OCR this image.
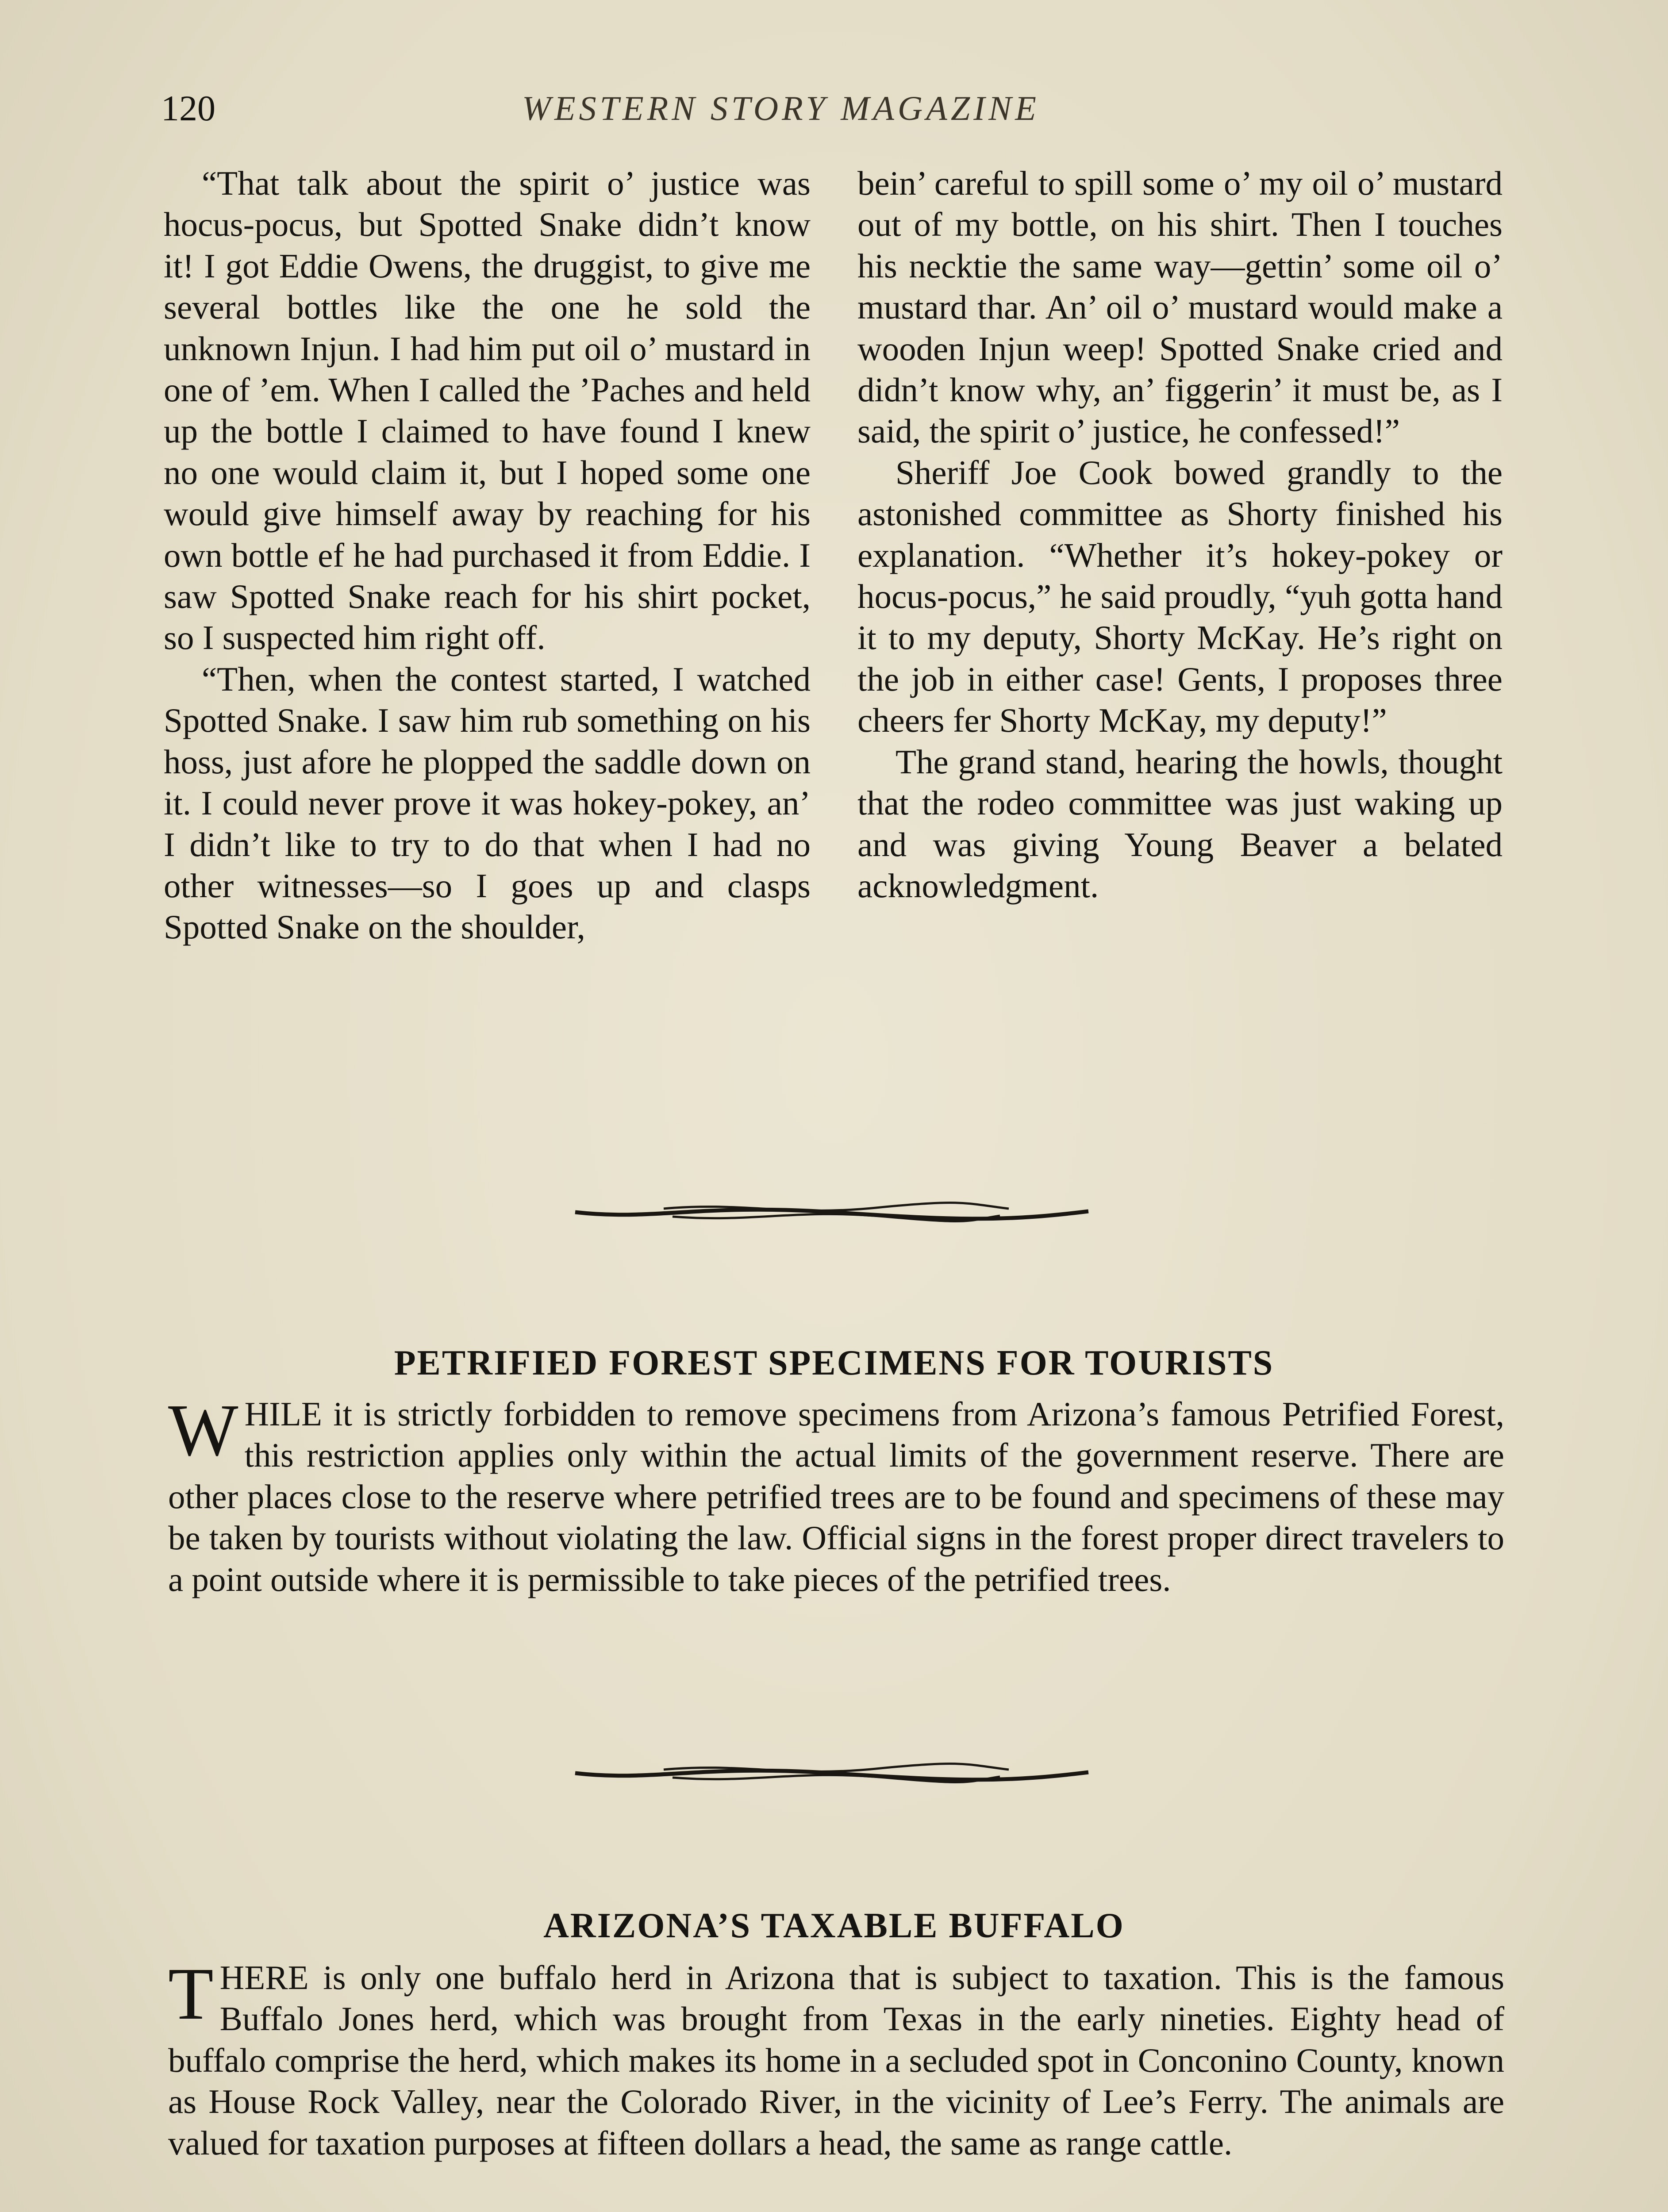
120	WESTERN STORY MAGAZINE

“That talk about the spirit o’ justice was hocus-pocus, but Spotted Snake didn’t know it! I got Eddie Owens, the druggist, to give me several bottles like the one he sold the unknown Injun. I had him put oil o’ mustard in one of ’em. When I called the ’Paches and held up the bottle I claimed to have found I knew no one would claim it, but I hoped some one would give himself away by reaching for his own bottle ef he had purchased it from Eddie. I saw Spotted Snake reach for his shirt pocket, so I suspected him right off.

“Then, when the contest started, I watched Spotted Snake. I saw him rub something on his hoss, just afore he plopped the saddle down on it. I could never prove it was hokey-pokey, an’ I didn’t like to try to do that when I had no other witnesses—so I goes up and clasps Spotted Snake on the shoulder,

bein’ careful to spill some o’ my oil o’ mustard out of my bottle, on his shirt. Then I touches his necktie the same way—gettin’ some oil o’ mustard thar. An’ oil o’ mustard would make a wooden Injun weep! Spotted Snake cried and didn’t know why, an’ figgerin’ it must be, as I said, the spirit o’ justice, he confessed!”

Sheriff Joe Cook bowed grandly to the astonished committee as Shorty finished his explanation. “Whether it’s hokey-pokey or hocus-pocus,” he said proudly, “yuh gotta hand it to my deputy, Shorty McKay. He’s right on the job in either case! Gents, I proposes three cheers fer Shorty McKay, my deputy!”

The grand stand, hearing the howls, thought that the rodeo committee was just waking up and was giving Young Beaver a belated acknowledgment.

PETRIFIED FOREST SPECIMENS FOR TOURISTS

WHILE it is strictly forbidden to remove specimens from Arizona’s famous Petrified Forest, this restriction applies only within the actual limits of the government reserve. There are other places close to the reserve where petrified trees are to be found and specimens of these may be taken by tourists without violating the law. Official signs in the forest proper direct travelers to a point outside where it is permissible to take pieces of the petrified trees.

ARIZONA’S TAXABLE BUFFALO

THERE is only one buffalo herd in Arizona that is subject to taxation. This is the famous Buffalo Jones herd, which was brought from Texas in the early nineties. Eighty head of buffalo comprise the herd, which makes its home in a secluded spot in Conconino County, known as House Rock Valley, near the Colorado River, in the vicinity of Lee’s Ferry. The animals are valued for taxation purposes at fifteen dollars a head, the same as range cattle.
